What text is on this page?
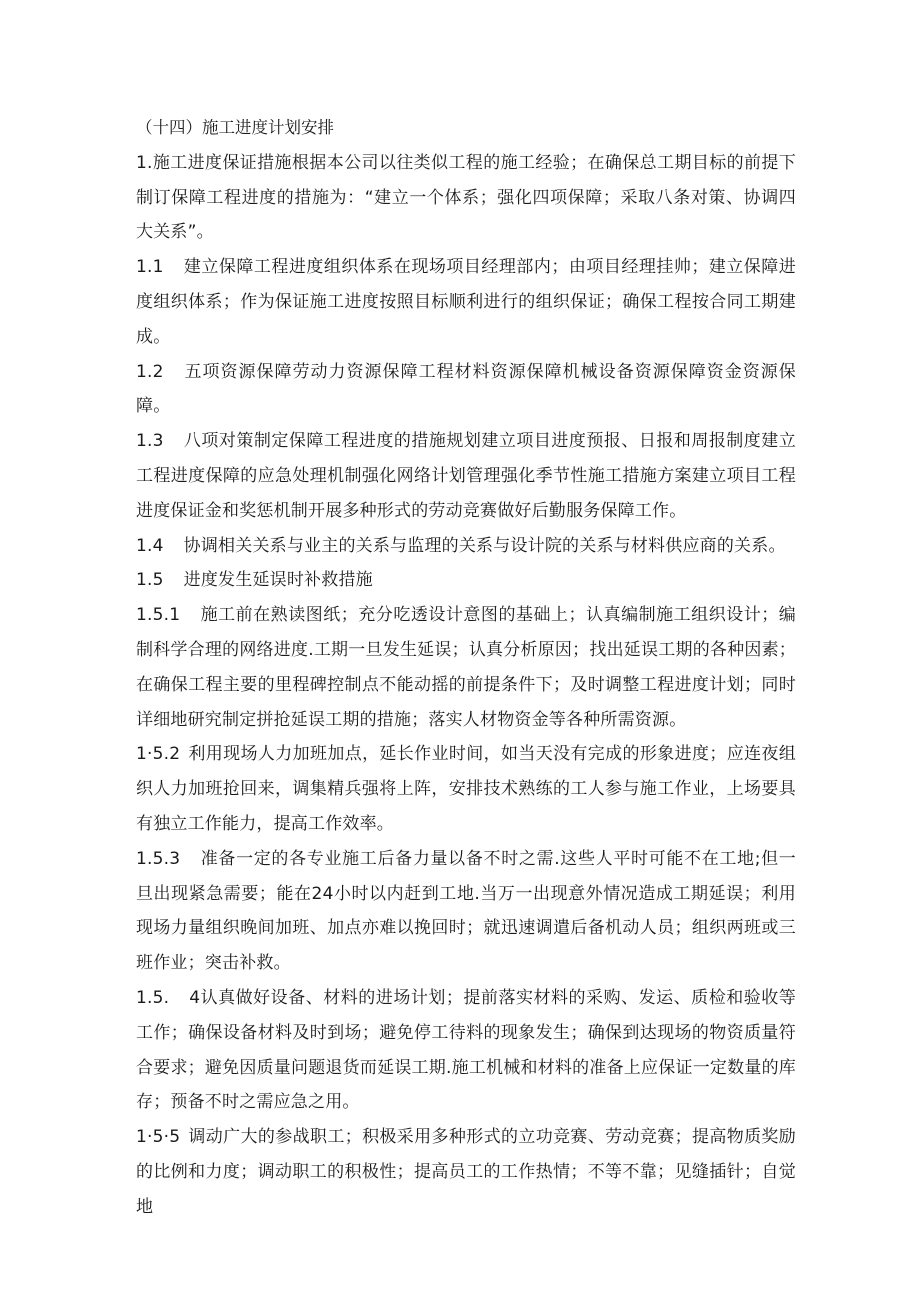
（十四）施工进度计划安排

1.施工进度保证措施根据本公司以往类似工程的施工经验；在确保总工期目标的前提下制订保障工程进度的措施为：“建立一个体系；强化四项保障；采取八条对策、协调四大关系”。

1.1 建立保障工程进度组织体系在现场项目经理部内；由项目经理挂帅；建立保障进度组织体系；作为保证施工进度按照目标顺利进行的组织保证；确保工程按合同工期建成。

1.2 五项资源保障劳动力资源保障工程材料资源保障机械设备资源保障资金资源保障。

1.3 八项对策制定保障工程进度的措施规划建立项目进度预报、日报和周报制度建立工程进度保障的应急处理机制强化网络计划管理强化季节性施工措施方案建立项目工程进度保证金和奖惩机制开展多种形式的劳动竞赛做好后勤服务保障工作。

1.4 协调相关关系与业主的关系与监理的关系与设计院的关系与材料供应商的关系。

1.5 进度发生延误时补救措施

1.5.1 施工前在熟读图纸；充分吃透设计意图的基础上；认真编制施工组织设计；编制科学合理的网络进度.工期一旦发生延误；认真分析原因；找出延误工期的各种因素；在确保工程主要的里程碑控制点不能动摇的前提条件下；及时调整工程进度计划；同时详细地研究制定拼抢延误工期的措施；落实人材物资金等各种所需资源。

1·5.2 利用现场人力加班加点，延长作业时间，如当天没有完成的形象进度；应连夜组织人力加班抢回来，调集精兵强将上阵，安排技术熟练的工人参与施工作业，上场要具有独立工作能力，提高工作效率。

1.5.3 准备一定的各专业施工后备力量以备不时之需.这些人平时可能不在工地;但一旦出现紧急需要；能在24小时以内赶到工地.当万一出现意外情况造成工期延误；利用现场力量组织晚间加班、加点亦难以挽回时；就迅速调遣后备机动人员；组织两班或三班作业；突击补救。

1.5. 4认真做好设备、材料的进场计划；提前落实材料的采购、发运、质检和验收等工作；确保设备材料及时到场；避免停工待料的现象发生；确保到达现场的物资质量符合要求；避免因质量问题退货而延误工期.施工机械和材料的准备上应保证一定数量的库存；预备不时之需应急之用。

1·5·5 调动广大的参战职工；积极采用多种形式的立功竞赛、劳动竞赛；提高物质奖励的比例和力度；调动职工的积极性；提高员工的工作热情；不等不靠；见缝插针；自觉地
